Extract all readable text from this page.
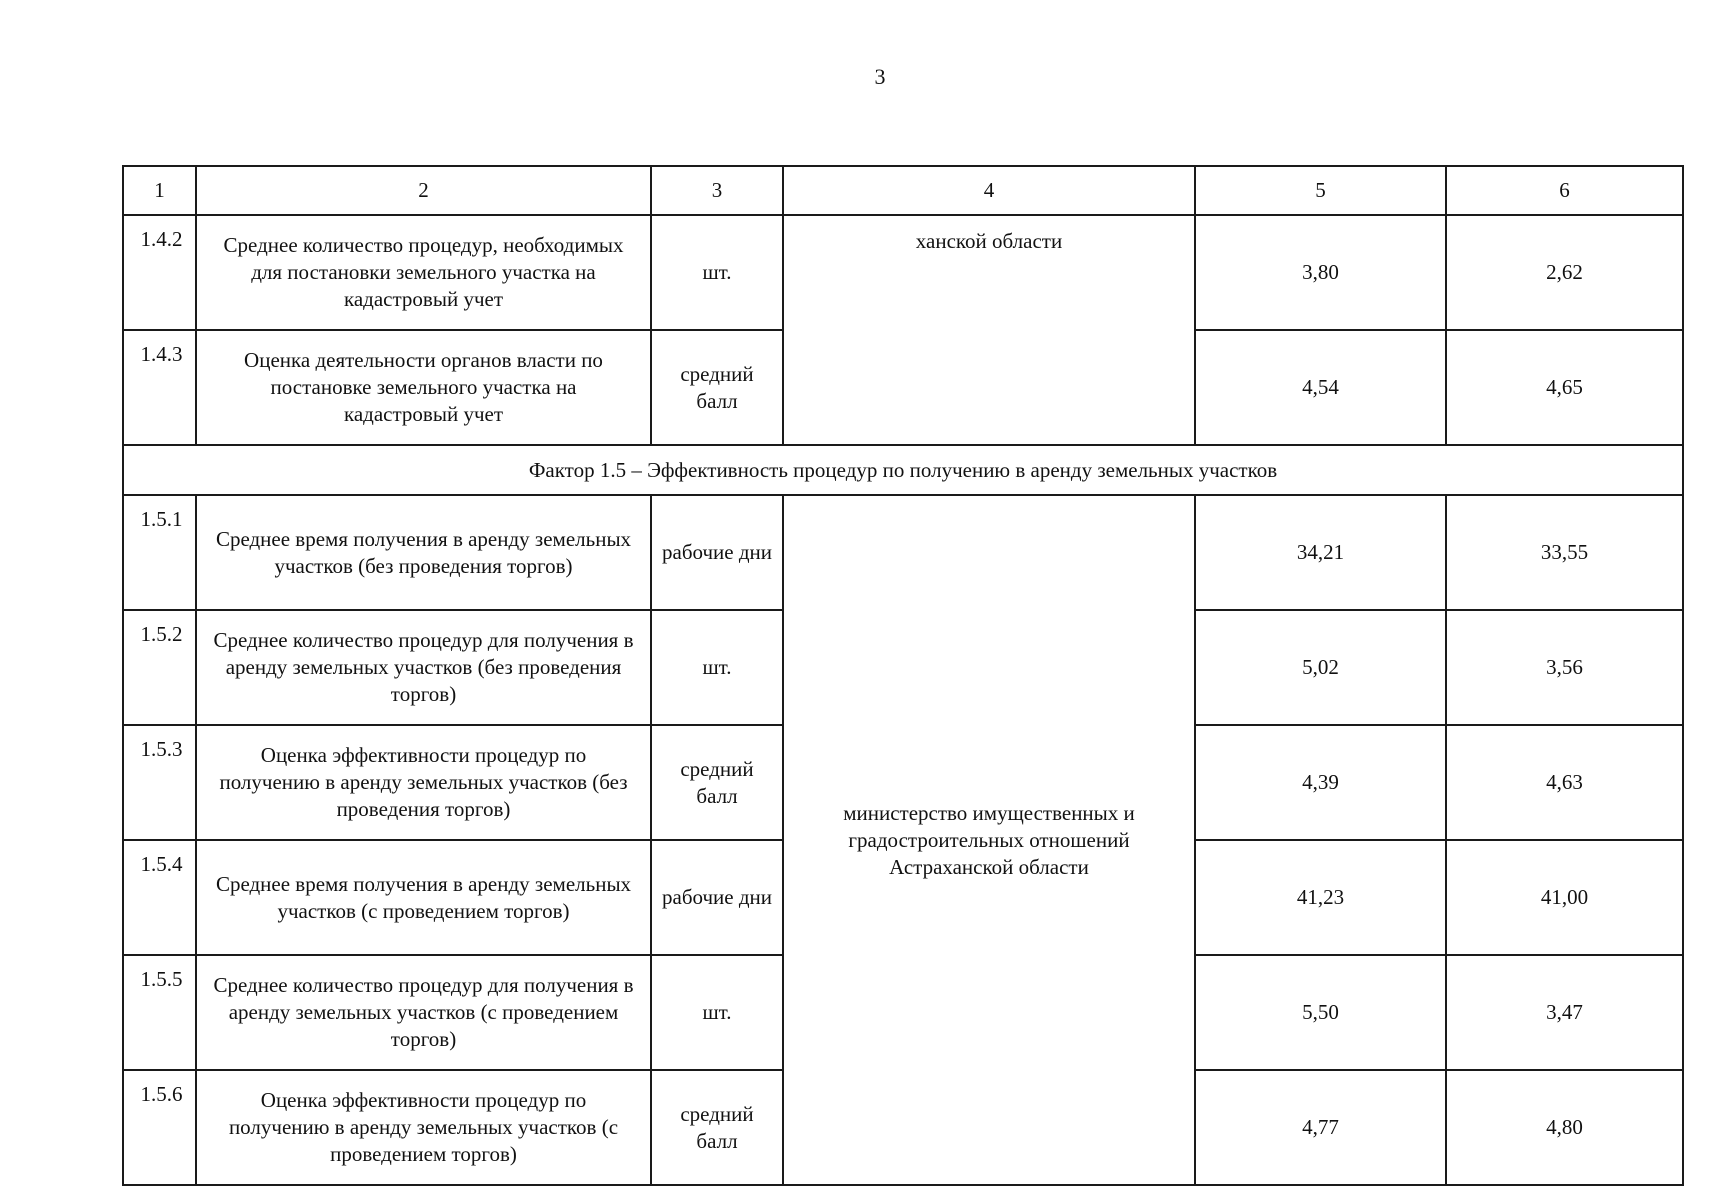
3
1	2	3	4	5	6
1.4.2	Среднее количество процедур, необходимых для постановки земельного участка на кадастровый учет	шт.	ханской области	3,80	2,62
1.4.3	Оценка деятельности органов власти по постановке земельного участка на кадастровый учет	средний балл		4,54	4,65
Фактор 1.5 – Эффективность процедур по получению в аренду земельных участков					
1.5.1	Среднее время получения в аренду земельных участков (без проведения торгов)	рабочие дни	министерство имущественных и градостроительных отношений Астраханской области	34,21	33,55
1.5.2	Среднее количество процедур для получения в аренду земельных участков (без проведения торгов)	шт.		5,02	3,56
1.5.3	Оценка эффективности процедур по получению в аренду земельных участков (без проведения торгов)	средний балл		4,39	4,63
1.5.4	Среднее время получения в аренду земельных участков (с проведением торгов)	рабочие дни		41,23	41,00
1.5.5	Среднее количество процедур для получения в аренду земельных участков (с проведением торгов)	шт.		5,50	3,47
1.5.6	Оценка эффективности процедур по получению в аренду земельных участков (с проведением торгов)	средний балл		4,77	4,80
